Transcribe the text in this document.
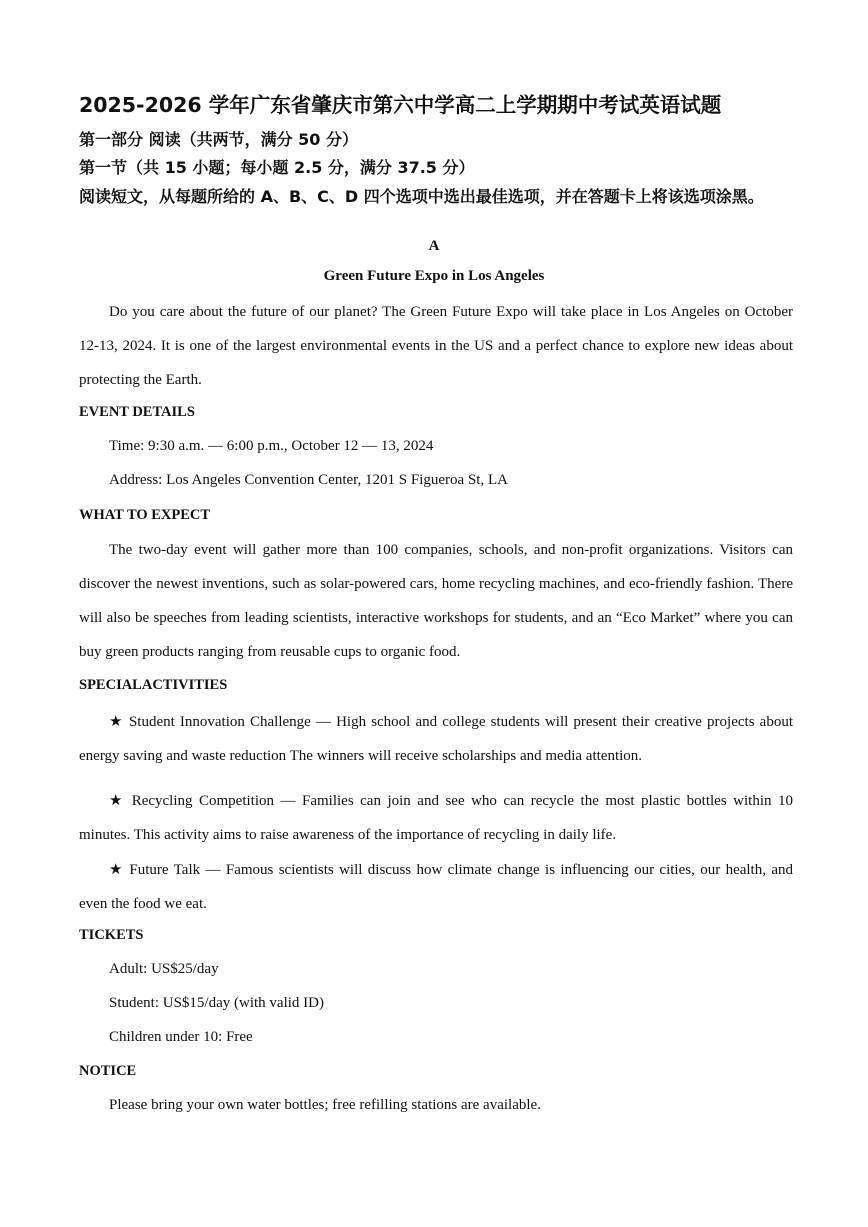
2025-2026 学年广东省肇庆市第六中学高二上学期期中考试英语试题

第一部分 阅读（共两节，满分 50 分）

第一节（共 15 小题；每小题 2.5 分，满分 37.5 分）

阅读短文，从每题所给的 A、B、C、D 四个选项中选出最佳选项，并在答题卡上将该选项涂黑。

A

Green Future Expo in Los Angeles

Do you care about the future of our planet? The Green Future Expo will take place in Los Angeles on October 12-13, 2024. It is one of the largest environmental events in the US and a perfect chance to explore new ideas about protecting the Earth.

EVENT DETAILS

Time: 9:30 a.m. — 6:00 p.m., October 12 — 13, 2024

Address: Los Angeles Convention Center, 1201 S Figueroa St, LA

WHAT TO EXPECT

The two-day event will gather more than 100 companies, schools, and non-profit organizations. Visitors can discover the newest inventions, such as solar-powered cars, home recycling machines, and eco-friendly fashion. There will also be speeches from leading scientists, interactive workshops for students, and an “Eco Market” where you can buy green products ranging from reusable cups to organic food.

SPECIALACTIVITIES

★ Student Innovation Challenge — High school and college students will present their creative projects about energy saving and waste reduction The winners will receive scholarships and media attention.

★ Recycling Competition — Families can join and see who can recycle the most plastic bottles within 10 minutes. This activity aims to raise awareness of the importance of recycling in daily life.

★ Future Talk — Famous scientists will discuss how climate change is influencing our cities, our health, and even the food we eat.

TICKETS

Adult: US$25/day

Student: US$15/day (with valid ID)

Children under 10: Free

NOTICE

Please bring your own water bottles; free refilling stations are available.
